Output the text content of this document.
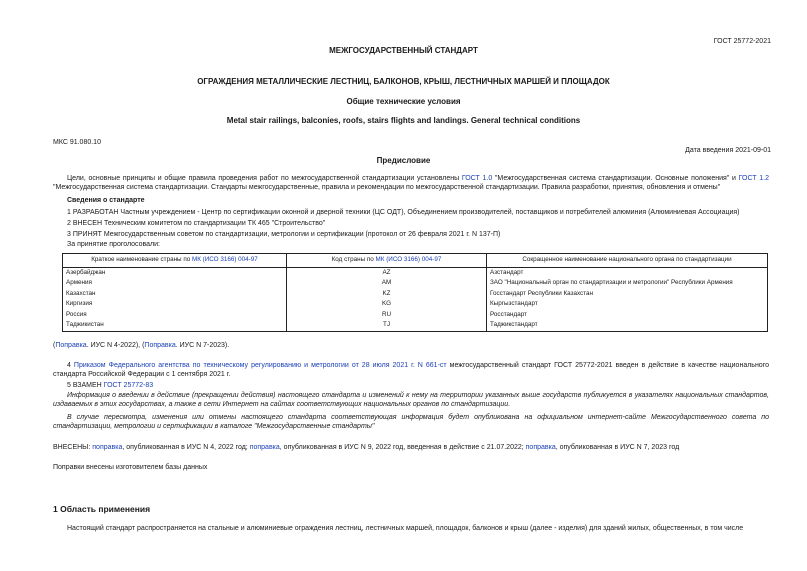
ГОСТ 25772-2021
МЕЖГОСУДАРСТВЕННЫЙ СТАНДАРТ
ОГРАЖДЕНИЯ МЕТАЛЛИЧЕСКИЕ ЛЕСТНИЦ, БАЛКОНОВ, КРЫШ, ЛЕСТНИЧНЫХ МАРШЕЙ И ПЛОЩАДОК
Общие технические условия
Metal stair railings, balconies, roofs, stairs flights and landings. General technical conditions
МКС 91.080.10
Дата введения 2021-09-01
Предисловие
Цели, основные принципы и общие правила проведения работ по межгосударственной стандартизации установлены ГОСТ 1.0 "Межгосударственная система стандартизации. Основные положения" и ГОСТ 1.2 "Межгосударственная система стандартизации. Стандарты межгосударственные, правила и рекомендации по межгосударственной стандартизации. Правила разработки, принятия, обновления и отмены"
Сведения о стандарте
1 РАЗРАБОТАН Частным учреждением - Центр по сертификации оконной и дверной техники (ЦС ОДТ), Объединением производителей, поставщиков и потребителей алюминия (Алюминиевая Ассоциация)
2 ВНЕСЕН Техническим комитетом по стандартизации ТК 465 "Строительство"
3 ПРИНЯТ Межгосударственным советом по стандартизации, метрологии и сертификации (протокол от 26 февраля 2021 г. N 137-П)
За принятие проголосовали:
Краткое наименование страны по МК (ИСО 3166) 004-97	Код страны по МК (ИСО 3166) 004-97	Сокращенное наименование национального органа по стандартизации
Азербайджан	AZ	Азстандарт
Армения	AM	ЗАО "Национальный орган по стандартизации и метрологии" Республики Армения
Казахстан	KZ	Госстандарт Республики Казахстан
Киргизия	KG	Кыргызстандарт
Россия	RU	Росстандарт
Таджикистан	TJ	Таджикстандарт
(Поправка. ИУС N 4-2022), (Поправка. ИУС N 7-2023).
4 Приказом Федерального агентства по техническому регулированию и метрологии от 28 июля 2021 г. N 661-ст межгосударственный стандарт ГОСТ 25772-2021 введен в действие в качестве национального стандарта Российской Федерации с 1 сентября 2021 г.
5 ВЗАМЕН ГОСТ 25772-83
Информация о введении в действие (прекращении действия) настоящего стандарта и изменений к нему на территории указанных выше государств публикуется в указателях национальных стандартов, издаваемых в этих государствах, а также в сети Интернет на сайтах соответствующих национальных органов по стандартизации.
В случае пересмотра, изменения или отмены настоящего стандарта соответствующая информация будет опубликована на официальном интернет-сайте Межгосударственного совета по стандартизации, метрологии и сертификации в каталоге "Межгосударственные стандарты"
ВНЕСЕНЫ: поправка, опубликованная в ИУС N 4, 2022 год; поправка, опубликованная в ИУС N 9, 2022 год, введенная в действие с 21.07.2022; поправка, опубликованная в ИУС N 7, 2023 год
Поправки внесены изготовителем базы данных
1 Область применения
Настоящий стандарт распространяется на стальные и алюминиевые ограждения лестниц, лестничных маршей, площадок, балконов и крыш (далее - изделия) для зданий жилых, общественных, в том числе
